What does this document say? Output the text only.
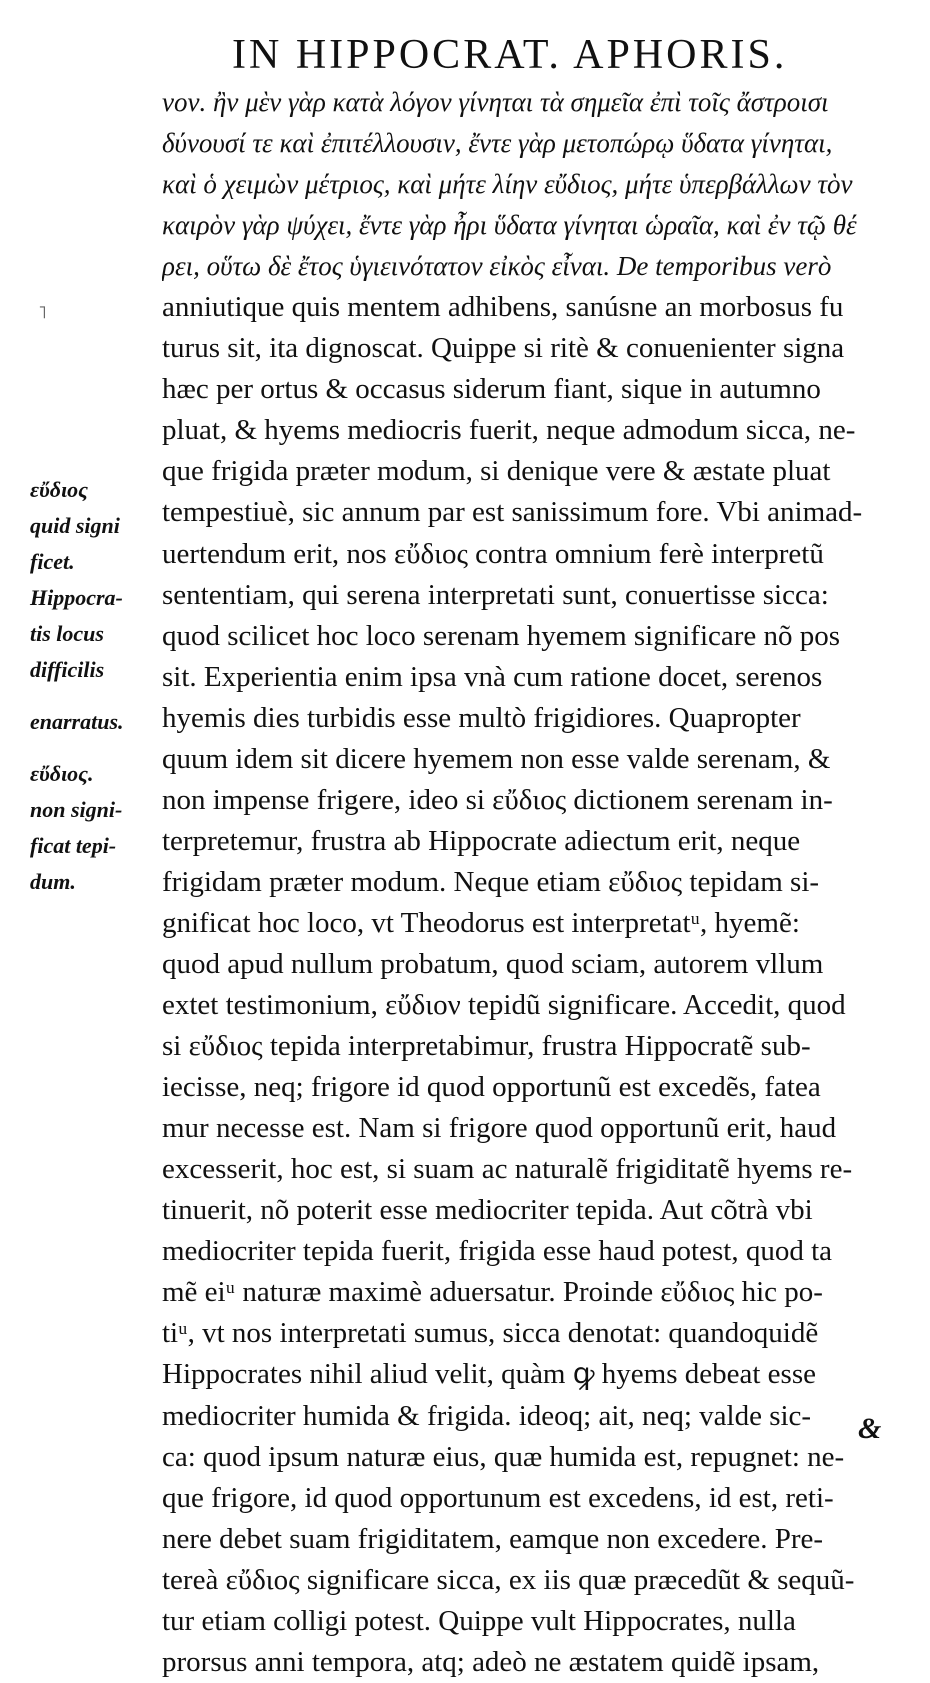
IN HIPPOCRAT. APHORIS.
˥
εὔδιος
quid signi
ficet.
Hippocra-
tis locus
difficilis
enarratus.
εὔδιος.
non signi-
ficat tepi-
dum.
νον. ἢν μὲν γὰρ κατὰ λόγον γίνηται τὰ σημεῖα ἐπὶ τοῖς ἄστροισι
δύνουσί τε καὶ ἐπιτέλλουσιν, ἔντε γὰρ μετοπώρῳ ὕδατα γίνηται,
καὶ ὁ χειμὼν μέτριος, καὶ μήτε λίην εὔδιος, μήτε ὑπερβάλλων τὸν
καιρὸν γὰρ ψύχει, ἔντε γὰρ ἦρι ὕδατα γίνηται ὡραῖα, καὶ ἐν τῷ θέ
ρει, οὕτω δὲ ἔτος ὑγιεινότατον εἰκὸς εἶναι. De temporibus verò
anniutique quis mentem adhibens, sanúsne an morbosus fu
turus sit, ita dignoscat. Quippe si ritè & conuenienter signa
hæc per ortus & occasus siderum fiant, sique in autumno
pluat, & hyems mediocris fuerit, neque admodum sicca, ne-
que frigida præter modum, si denique vere & æstate pluat
tempestiuè, sic annum par est sanissimum fore. Vbi animad-
uertendum erit, nos εὔδιος contra omnium ferè interpretũ
sententiam, qui serena interpretati sunt, conuertisse sicca:
quod scilicet hoc loco serenam hyemem significare nõ pos
sit. Experientia enim ipsa vnà cum ratione docet, serenos
hyemis dies turbidis esse multò frigidiores. Quapropter
quum idem sit dicere hyemem non esse valde serenam, &
non impense frigere, ideo si εὔδιος dictionem serenam in-
terpretemur, frustra ab Hippocrate adiectum erit, neque
frigidam præter modum. Neque etiam εὔδιος tepidam si-
gnificat hoc loco, vt Theodorus est interpretatᵘ, hyemẽ:
quod apud nullum probatum, quod sciam, autorem vllum
extet testimonium, εὔδιον tepidũ significare. Accedit, quod
si εὔδιος tepida interpretabimur, frustra Hippocratẽ sub-
iecisse, neq; frigore id quod opportunũ est excedẽs, fatea
mur necesse est. Nam si frigore quod opportunũ erit, haud
excesserit, hoc est, si suam ac naturalẽ frigiditatẽ hyems re-
tinuerit, nõ poterit esse mediocriter tepida. Aut cõtrà vbi
mediocriter tepida fuerit, frigida esse haud potest, quod ta
mẽ eiᵘ naturæ maximè aduersatur. Proinde εὔδιος hic po-
tiᵘ, vt nos interpretati sumus, sicca denotat: quandoquidẽ
Hippocrates nihil aliud velit, quàm ꝙ hyems debeat esse
mediocriter humida & frigida. ideoq; ait, neq; valde sic-
ca: quod ipsum naturæ eius, quæ humida est, repugnet: ne-
que frigore, id quod opportunum est excedens, id est, reti-
nere debet suam frigiditatem, eamque non excedere. Pre-
tereà εὔδιος significare sicca, ex iis quæ præcedũt & sequũ-
tur etiam colligi potest. Quippe vult Hippocrates, nulla
prorsus anni tempora, atq; adeò ne æstatem quidẽ ipsam,
&
